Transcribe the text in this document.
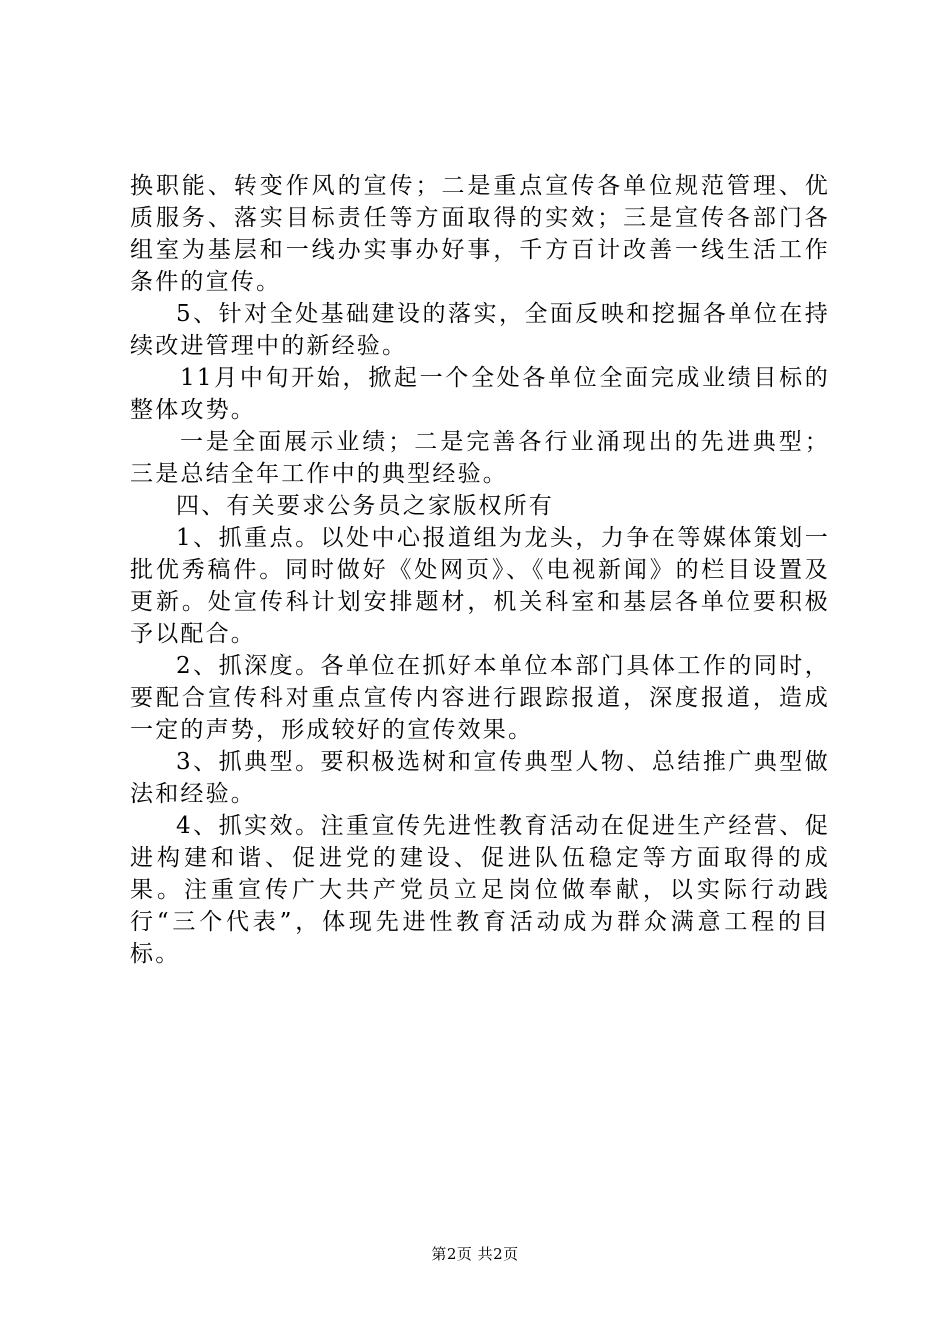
换职能、转变作风的宣传；二是重点宣传各单位规范管理、优质服务、落实目标责任等方面取得的实效；三是宣传各部门各组室为基层和一线办实事办好事，千方百计改善一线生活工作条件的宣传。

5、针对全处基础建设的落实，全面反映和挖掘各单位在持续改进管理中的新经验。

11月中旬开始，掀起一个全处各单位全面完成业绩目标的整体攻势。

一是全面展示业绩；二是完善各行业涌现出的先进典型；三是总结全年工作中的典型经验。

四、有关要求公务员之家版权所有

1、抓重点。以处中心报道组为龙头，力争在等媒体策划一批优秀稿件。同时做好《处网页》、《电视新闻》的栏目设置及更新。处宣传科计划安排题材，机关科室和基层各单位要积极予以配合。

2、抓深度。各单位在抓好本单位本部门具体工作的同时，要配合宣传科对重点宣传内容进行跟踪报道，深度报道，造成一定的声势，形成较好的宣传效果。

3、抓典型。要积极选树和宣传典型人物、总结推广典型做法和经验。

4、抓实效。注重宣传先进性教育活动在促进生产经营、促进构建和谐、促进党的建设、促进队伍稳定等方面取得的成果。注重宣传广大共产党员立足岗位做奉献，以实际行动践行“三个代表”，体现先进性教育活动成为群众满意工程的目标。

第2页 共2页
